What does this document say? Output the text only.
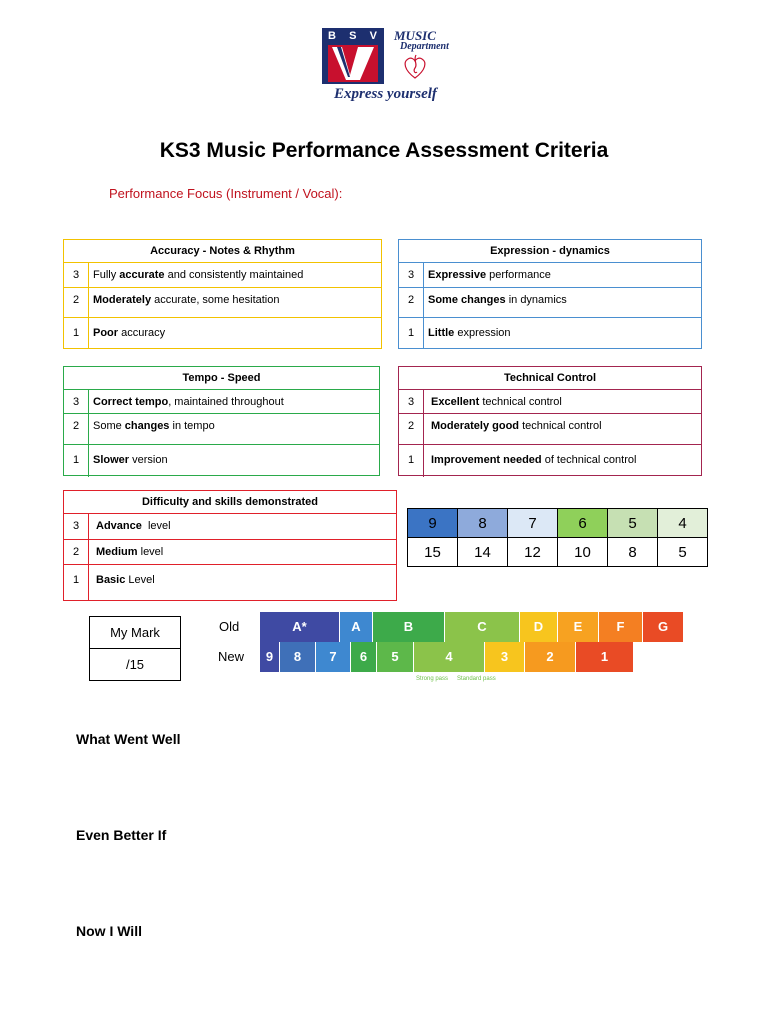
B S V MUSIC
Department
Express yourself
KS3 Music Performance Assessment Criteria
Performance Focus (Instrument / Vocal):
Accuracy - Notes & Rhythm
3	Fully accurate and consistently maintained
2	Moderately accurate, some hesitation
1	Poor accuracy
Expression - dynamics
3	Expressive performance
2	Some changes in dynamics
1	Little expression
Tempo - Speed
3	Correct tempo, maintained throughout
2	Some changes in tempo
1	Slower version
Technical Control
3	Excellent technical control
2	Moderately good technical control
1	Improvement needed of technical control
Difficulty and skills demonstrated
3	Advance  level
2	Medium level
1	Basic Level
9	8	7	6	5	4
15	14	12	10	8	5
My Mark
/15
Old
New
A*	A	B	C	D	E	F	G
9	8	7	6	5	4	3	2	1
Strong pass Standard pass
What Went Well
Even Better If
Now I Will
